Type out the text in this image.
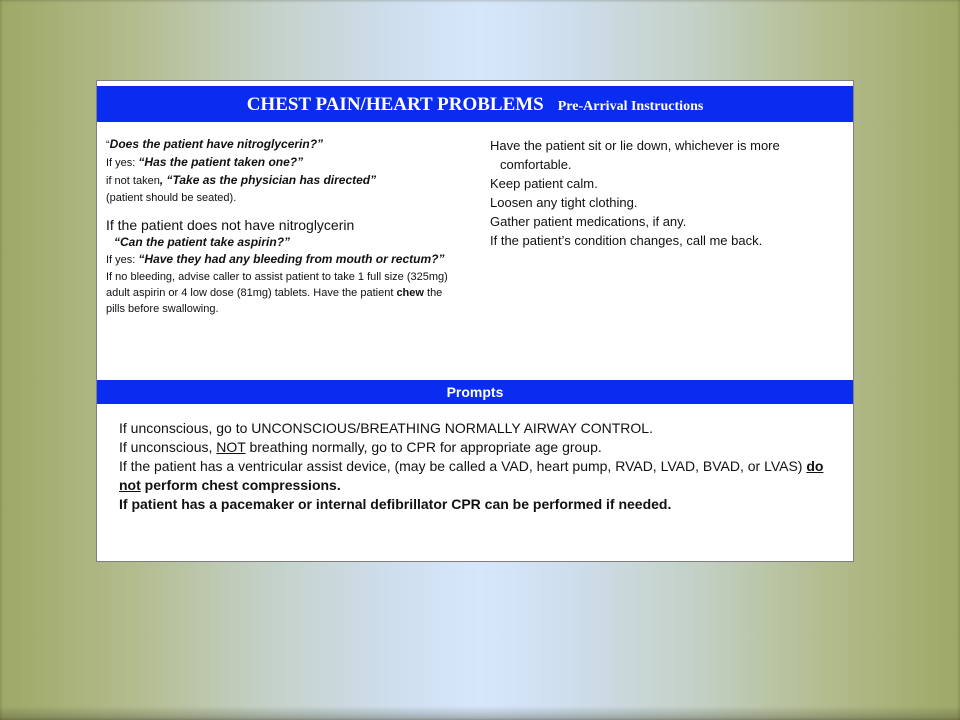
CHEST PAIN/HEART PROBLEMS Pre-Arrival Instructions
“Does the patient have nitroglycerin?”
If yes: “Has the patient taken one?”
if not taken, “Take as the physician has directed”
(patient should be seated).
If the patient does not have nitroglycerin
“Can the patient take aspirin?”
If yes: “Have they had any bleeding from mouth or rectum?”
If no bleeding, advise caller to assist patient to take 1 full size (325mg) adult aspirin or 4 low dose (81mg) tablets. Have the patient chew the pills before swallowing.
Have the patient sit or lie down, whichever is more
comfortable.
Keep patient calm.
Loosen any tight clothing.
Gather patient medications, if any.
If the patient’s condition changes, call me back.
Prompts
If unconscious, go to UNCONSCIOUS/BREATHING NORMALLY AIRWAY CONTROL.
If unconscious, NOT breathing normally, go to CPR for appropriate age group.
If the patient has a ventricular assist device, (may be called a VAD, heart pump, RVAD, LVAD, BVAD, or LVAS) do not perform chest compressions.
If patient has a pacemaker or internal defibrillator CPR can be performed if needed.
